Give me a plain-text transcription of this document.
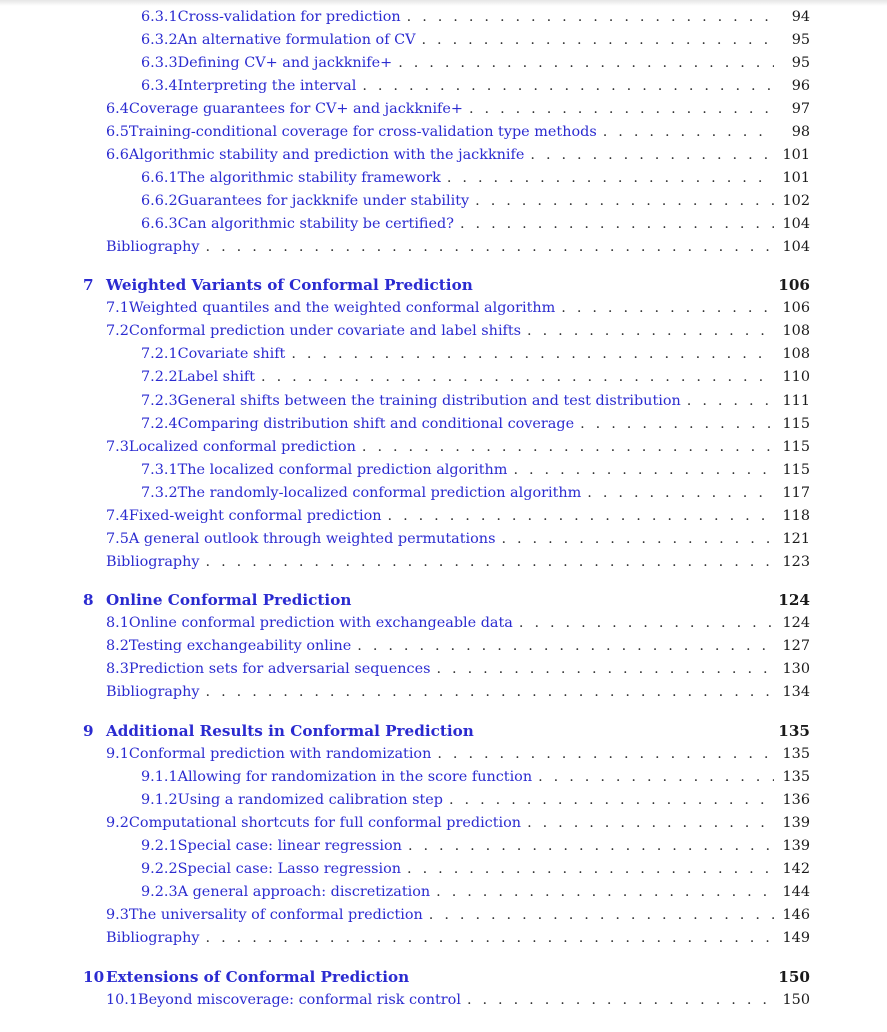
6.3.1 Cross-validation for prediction . . .	94
6.3.2 An alternative formulation of CV . . .	95
6.3.3 Defining CV+ and jackknife+ . . .	95
6.3.4 Interpreting the interval . . .	96
6.4 Coverage guarantees for CV+ and jackknife+ . . .	97
6.5 Training-conditional coverage for cross-validation type methods . . .	98
6.6 Algorithmic stability and prediction with the jackknife . . .	101
6.6.1 The algorithmic stability framework . . .	101
6.6.2 Guarantees for jackknife under stability . . .	102
6.6.3 Can algorithmic stability be certified? . . .	104
Bibliography . . .	104
7 Weighted Variants of Conformal Prediction	106
7.1 Weighted quantiles and the weighted conformal algorithm . . .	106
7.2 Conformal prediction under covariate and label shifts . . .	108
7.2.1 Covariate shift . . .	108
7.2.2 Label shift . . .	110
7.2.3 General shifts between the training distribution and test distribution . . .	111
7.2.4 Comparing distribution shift and conditional coverage . . .	115
7.3 Localized conformal prediction . . .	115
7.3.1 The localized conformal prediction algorithm . . .	115
7.3.2 The randomly-localized conformal prediction algorithm . . .	117
7.4 Fixed-weight conformal prediction . . .	118
7.5 A general outlook through weighted permutations . . .	121
Bibliography . . .	123
8 Online Conformal Prediction	124
8.1 Online conformal prediction with exchangeable data . . .	124
8.2 Testing exchangeability online . . .	127
8.3 Prediction sets for adversarial sequences . . .	130
Bibliography . . .	134
9 Additional Results in Conformal Prediction	135
9.1 Conformal prediction with randomization . . .	135
9.1.1 Allowing for randomization in the score function . . .	135
9.1.2 Using a randomized calibration step . . .	136
9.2 Computational shortcuts for full conformal prediction . . .	139
9.2.1 Special case: linear regression . . .	139
9.2.2 Special case: Lasso regression . . .	142
9.2.3 A general approach: discretization . . .	144
9.3 The universality of conformal prediction . . .	146
Bibliography . . .	149
10 Extensions of Conformal Prediction	150
10.1 Beyond miscoverage: conformal risk control . . .	150
